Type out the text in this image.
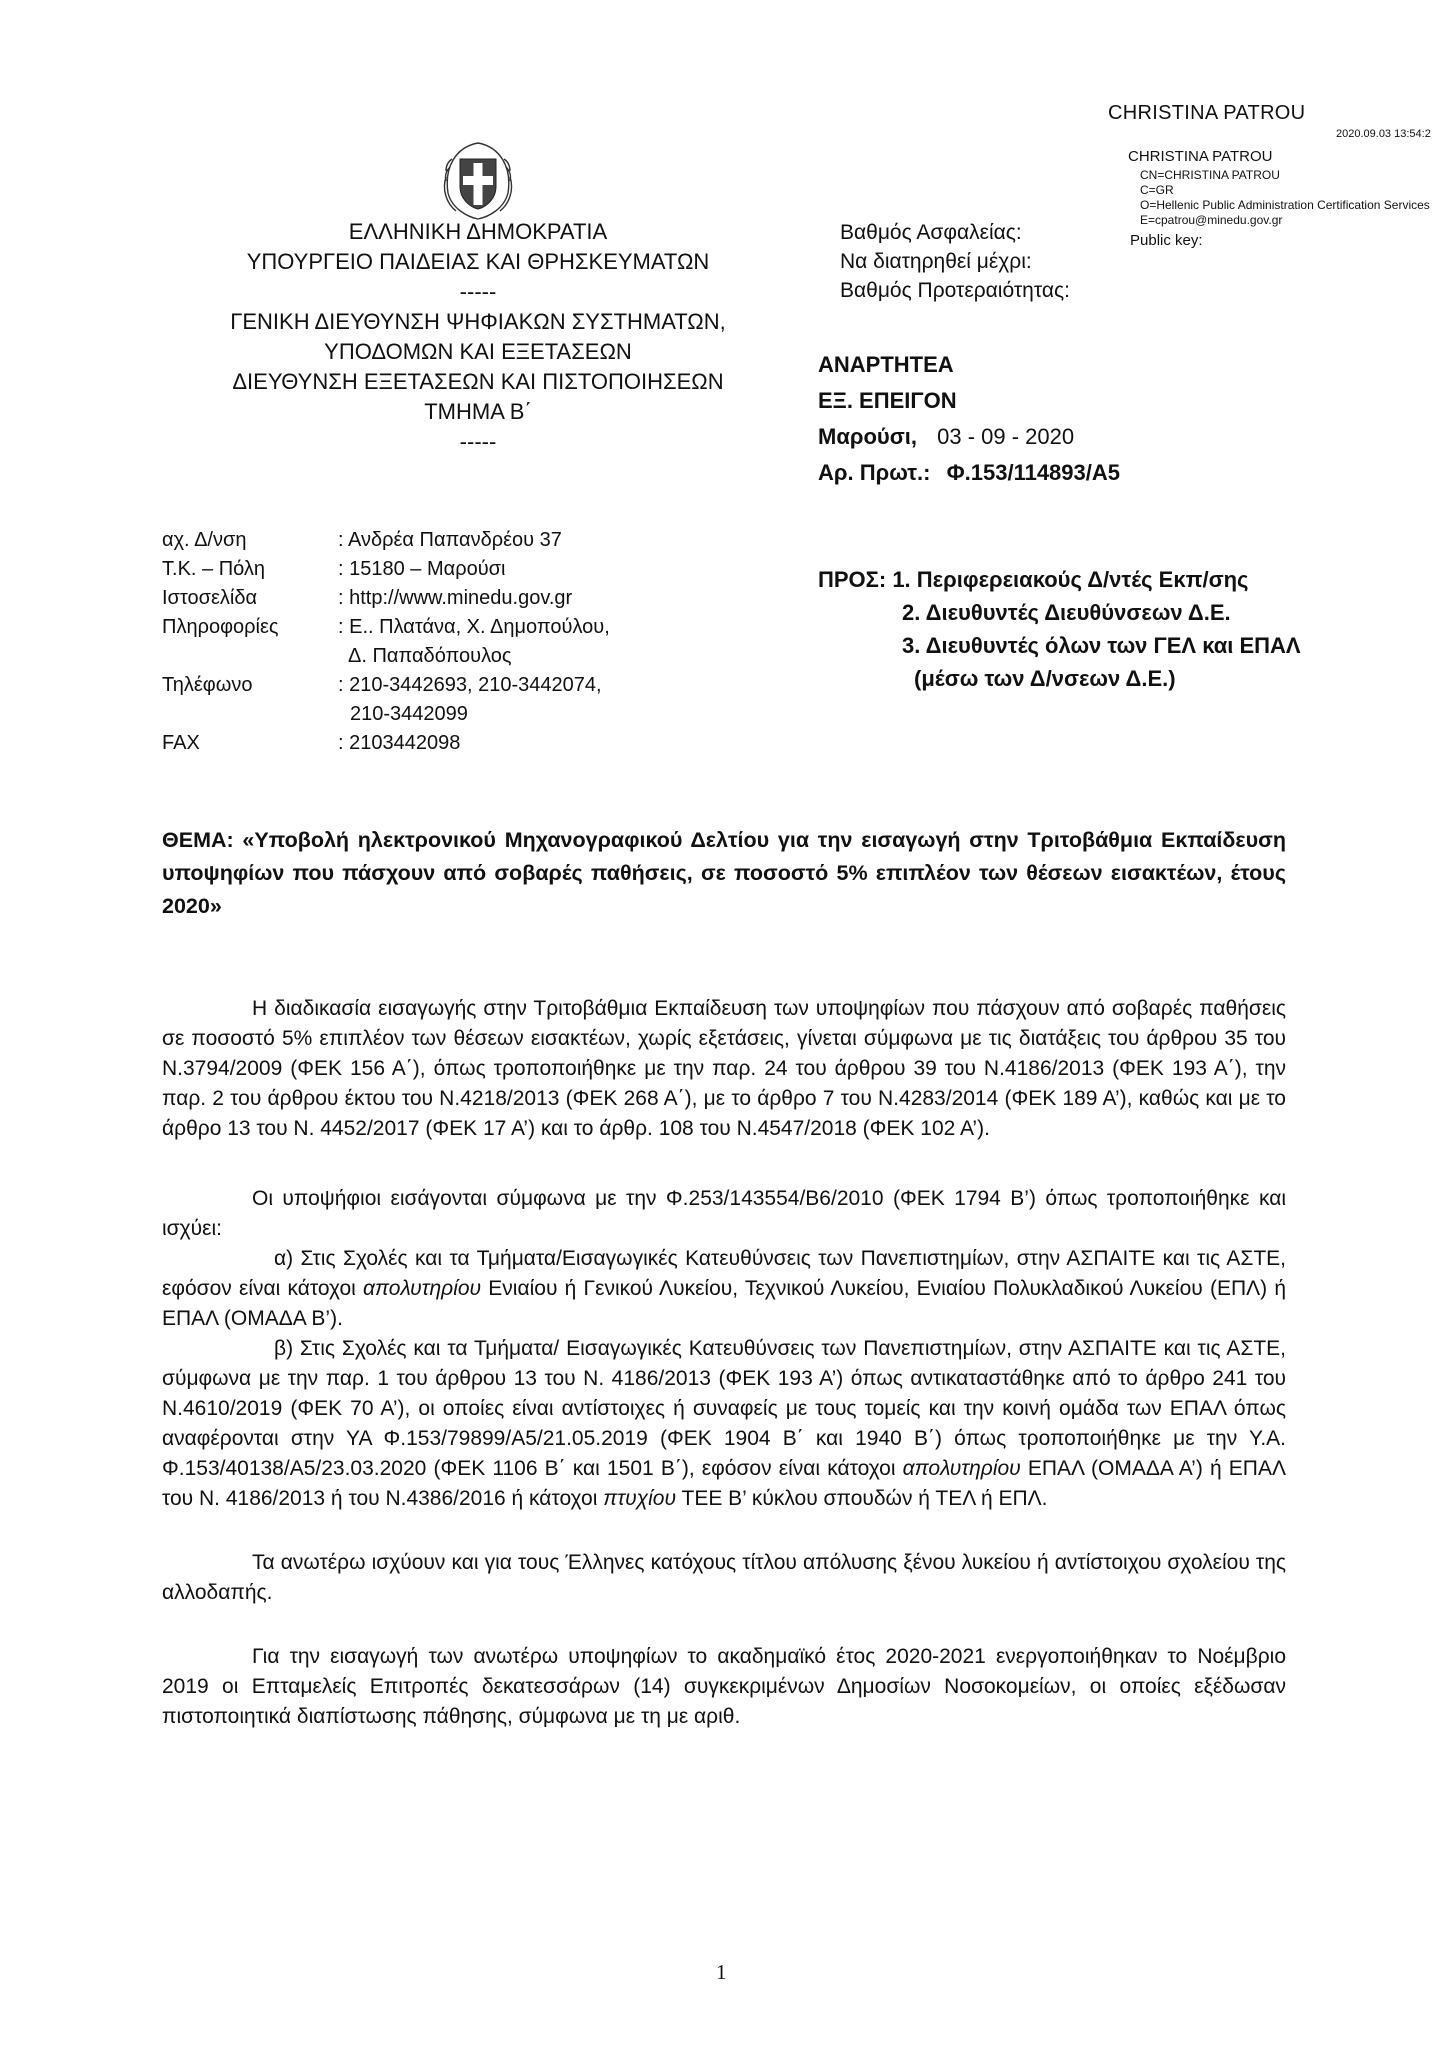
CHRISTINA PATROU
2020.09.03 13:54:2
CHRISTINA PATROU
CN=CHRISTINA PATROU
C=GR
O=Hellenic Public Administration Certification Services
E=cpatrou@minedu.gov.gr
Public key:
ΕΛΛΗΝΙΚΗ ΔΗΜΟΚΡΑΤΙΑ
ΥΠΟΥΡΓΕΙΟ ΠΑΙΔΕΙΑΣ ΚΑΙ ΘΡΗΣΚΕΥΜΑΤΩΝ
-----
ΓΕΝΙΚΗ ΔΙΕΥΘΥΝΣΗ ΨΗΦΙΑΚΩΝ ΣΥΣΤΗΜΑΤΩΝ,
ΥΠΟΔΟΜΩΝ ΚΑΙ ΕΞΕΤΑΣΕΩΝ
ΔΙΕΥΘΥΝΣΗ ΕΞΕΤΑΣΕΩΝ ΚΑΙ ΠΙΣΤΟΠΟΙΗΣΕΩΝ
ΤΜΗΜΑ Β΄
-----
Βαθμός Ασφαλείας:
Να διατηρηθεί μέχρι:
Βαθμός Προτεραιότητας:
ΑΝΑΡΤΗΤΕΑ
ΕΞ. ΕΠΕΙΓΟΝ
Μαρούσι, 03 - 09 - 2020
Αρ. Πρωτ.: Φ.153/114893/Α5
αχ. Δ/νση	: Ανδρέα Παπανδρέου 37
Τ.Κ. – Πόλη	: 15180 – Μαρούσι
Ιστοσελίδα	: http://www.minedu.gov.gr
Πληροφορίες	: Ε.. Πλατάνα, Χ. Δημοπούλου,
Δ. Παπαδόπουλος

Τηλέφωνο	: 210-3442693, 210-3442074,
210-3442099

FAX	: 2103442098
ΠΡΟΣ: 1. Περιφερειακούς Δ/ντές Εκπ/σης
2. Διευθυντές Διευθύνσεων Δ.Ε.
3. Διευθυντές όλων των ΓΕΛ και ΕΠΑΛ
(μέσω των Δ/νσεων Δ.Ε.)
ΘΕΜΑ: «Υποβολή ηλεκτρονικού Μηχανογραφικού Δελτίου για την εισαγωγή στην Τριτοβάθμια Εκπαίδευση υποψηφίων που πάσχουν από σοβαρές παθήσεις, σε ποσοστό 5% επιπλέον των θέσεων εισακτέων, έτους 2020»

Η διαδικασία εισαγωγής στην Τριτοβάθμια Εκπαίδευση των υποψηφίων που πάσχουν από σοβαρές παθήσεις σε ποσοστό 5% επιπλέον των θέσεων εισακτέων, χωρίς εξετάσεις, γίνεται σύμφωνα με τις διατάξεις του άρθρου 35 του Ν.3794/2009 (ΦΕΚ 156 Α΄), όπως τροποποιήθηκε με την παρ. 24 του άρθρου 39 του Ν.4186/2013 (ΦΕΚ 193 Α΄), την παρ. 2 του άρθρου έκτου του Ν.4218/2013 (ΦΕΚ 268 Α΄), με το άρθρο 7 του Ν.4283/2014 (ΦΕΚ 189 Α’), καθώς και με το άρθρο 13 του Ν. 4452/2017 (ΦΕΚ 17 Α’) και το άρθρ. 108 του Ν.4547/2018 (ΦΕΚ 102 Α’).

Οι υποψήφιοι εισάγονται σύμφωνα με την Φ.253/143554/Β6/2010 (ΦΕΚ 1794 Β’) όπως τροποποιήθηκε και ισχύει:

α) Στις Σχολές και τα Τμήματα/Εισαγωγικές Κατευθύνσεις των Πανεπιστημίων, στην ΑΣΠΑΙΤΕ και τις ΑΣΤΕ, εφόσον είναι κάτοχοι απολυτηρίου Ενιαίου ή Γενικού Λυκείου, Τεχνικού Λυκείου, Ενιαίου Πολυκλαδικού Λυκείου (ΕΠΛ) ή ΕΠΑΛ (ΟΜΑΔΑ Β’).

β) Στις Σχολές και τα Τμήματα/ Εισαγωγικές Κατευθύνσεις των Πανεπιστημίων, στην ΑΣΠΑΙΤΕ και τις ΑΣΤΕ, σύμφωνα με την παρ. 1 του άρθρου 13 του Ν. 4186/2013 (ΦΕΚ 193 Α’) όπως αντικαταστάθηκε από το άρθρο 241 του Ν.4610/2019 (ΦΕΚ 70 Α’), οι οποίες είναι αντίστοιχες ή συναφείς με τους τομείς και την κοινή ομάδα των ΕΠΑΛ όπως αναφέρονται στην ΥΑ Φ.153/79899/Α5/21.05.2019 (ΦΕΚ 1904 Β΄ και 1940 Β΄) όπως τροποποιήθηκε με την Υ.Α. Φ.153/40138/Α5/23.03.2020 (ΦΕΚ 1106 Β΄ και 1501 Β΄), εφόσον είναι κάτοχοι απολυτηρίου ΕΠΑΛ (ΟΜΑΔΑ Α’) ή ΕΠΑΛ του Ν. 4186/2013 ή του Ν.4386/2016 ή κάτοχοι πτυχίου ΤΕΕ Β’ κύκλου σπουδών ή ΤΕΛ ή ΕΠΛ.

Τα ανωτέρω ισχύουν και για τους Έλληνες κατόχους τίτλου απόλυσης ξένου λυκείου ή αντίστοιχου σχολείου της αλλοδαπής.

Για την εισαγωγή των ανωτέρω υποψηφίων το ακαδημαϊκό έτος 2020-2021 ενεργοποιήθηκαν το Νοέμβριο 2019 οι Επταμελείς Επιτροπές δεκατεσσάρων (14) συγκεκριμένων Δημοσίων Νοσοκομείων, οι οποίες εξέδωσαν πιστοποιητικά διαπίστωσης πάθησης, σύμφωνα με τη με αριθ.

1
